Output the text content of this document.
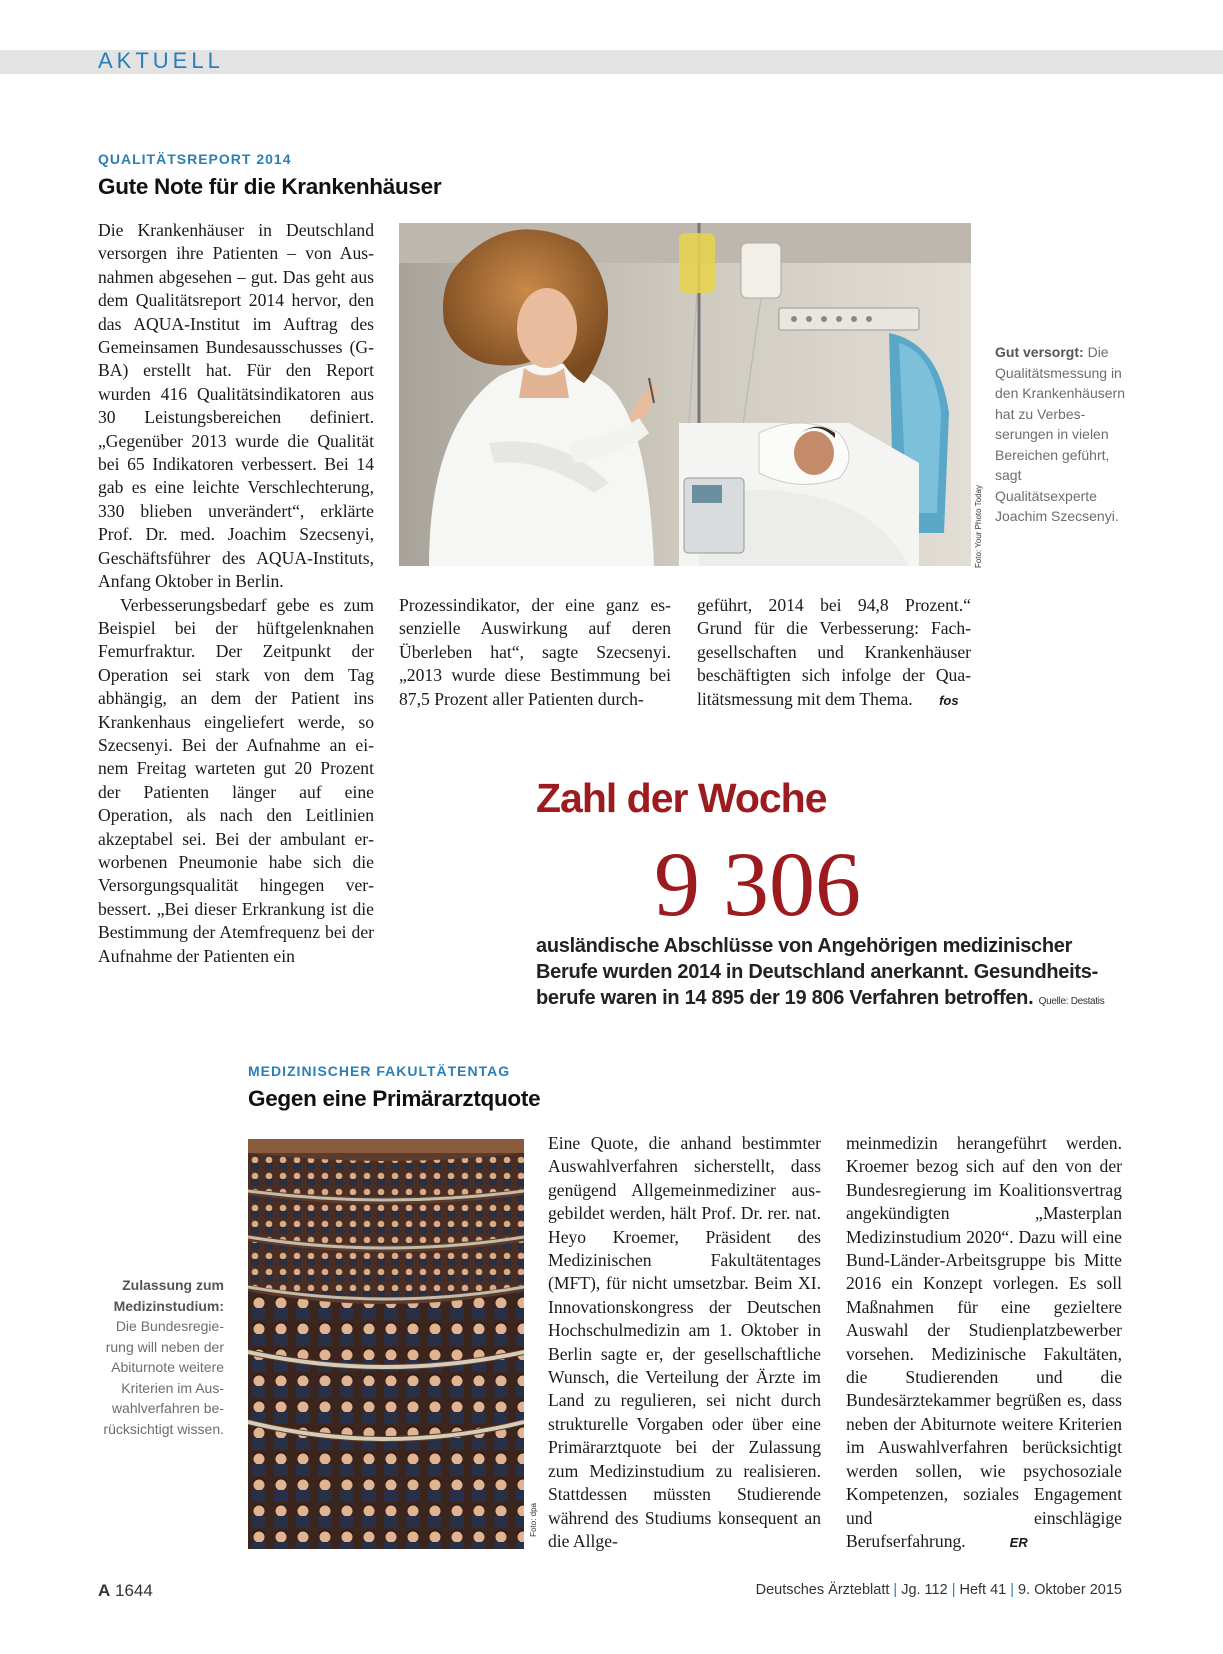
AKTUELL
QUALITÄTSREPORT 2014
Gute Note für die Krankenhäuser

Die Krankenhäuser in Deutschland versorgen ihre Patienten – von Ausnahmen abgesehen – gut. Das geht aus dem Qualitätsreport 2014 hervor, den das AQUA-Institut im Auftrag des Gemeinsamen Bundesausschusses (G-BA) erstellt hat. Für den Report wurden 416 Qualitätsindikatoren aus 30 Leistungsbereichen definiert. „Gegenüber 2013 wurde die Qualität bei 65 Indikatoren verbessert. Bei 14 gab es eine leichte Verschlechterung, 330 blieben unverändert“, erklärte Prof. Dr. med. Joachim Szecsenyi, Geschäftsführer des AQUA-Instituts, Anfang Oktober in Berlin.

Verbesserungsbedarf gebe es zum Beispiel bei der hüftgelenknahen Femurfraktur. Der Zeitpunkt der Operation sei stark von dem Tag abhängig, an dem der Patient ins Krankenhaus eingeliefert werde, so Szecsenyi. Bei der Aufnahme an einem Freitag warteten gut 20 Prozent der Patienten länger auf eine Operation, als nach den Leitlinien akzeptabel sei. Bei der ambulant erworbenen Pneumonie habe sich die Versorgungsqualität hingegen verbessert. „Bei dieser Erkrankung ist die Bestimmung der Atemfrequenz bei der Aufnahme der Patienten ein

Foto: Your Photo Today
Gut versorgt: Die Qualitätsmessung in den Krankenhäusern hat zu Verbesserungen in vielen Bereichen geführt, sagt Qualitätsexperte Joachim Szecsenyi.

Prozessindikator, der eine ganz essenzielle Auswirkung auf deren Überleben hat“, sagte Szecsenyi. „2013 wurde diese Bestimmung bei 87,5 Prozent aller Patienten durch-

geführt, 2014 bei 94,8 Prozent.“ Grund für die Verbesserung: Fachgesellschaften und Krankenhäuser beschäftigten sich infolge der Qualitätsmessung mit dem Thema. fos

Zahl der Woche
9 306
ausländische Abschlüsse von Angehörigen medizinischer Berufe wurden 2014 in Deutschland anerkannt. Gesundheitsberufe waren in 14 895 der 19 806 Verfahren betroffen. Quelle: Destatis
MEDIZINISCHER FAKULTÄTENTAG
Gegen eine Primärarztquote
Zulassung zum Medizinstudium:
Die Bundesregierung will neben der Abiturnote weitere Kriterien im Auswahlverfahren berücksichtigt wissen.
Foto: dpa

Eine Quote, die anhand bestimmter Auswahlverfahren sicherstellt, dass genügend Allgemeinmediziner ausgebildet werden, hält Prof. Dr. rer. nat. Heyo Kroemer, Präsident des Medizinischen Fakultätentages (MFT), für nicht umsetzbar. Beim XI. Innovationskongress der Deutschen Hochschulmedizin am 1. Oktober in Berlin sagte er, der gesellschaftliche Wunsch, die Verteilung der Ärzte im Land zu regulieren, sei nicht durch strukturelle Vorgaben oder über eine Primärarztquote bei der Zulassung zum Medizinstudium zu realisieren. Stattdessen müssten Studierende während des Studiums konsequent an die Allge-

meinmedizin herangeführt werden. Kroemer bezog sich auf den von der Bundesregierung im Koalitionsvertrag angekündigten „Masterplan Medizinstudium 2020“. Dazu will eine Bund-Länder-Arbeitsgruppe bis Mitte 2016 ein Konzept vorlegen. Es soll Maßnahmen für eine gezieltere Auswahl der Studienplatzbewerber vorsehen. Medizinische Fakultäten, die Studierenden und die Bundesärztekammer begrüßen es, dass neben der Abiturnote weitere Kriterien im Auswahlverfahren berücksichtigt werden sollen, wie psychosoziale Kompetenzen, soziales Engagement und einschlägige Berufserfahrung.	ER

A 1644	Deutsches Ärzteblatt | Jg. 112 | Heft 41 | 9. Oktober 2015
